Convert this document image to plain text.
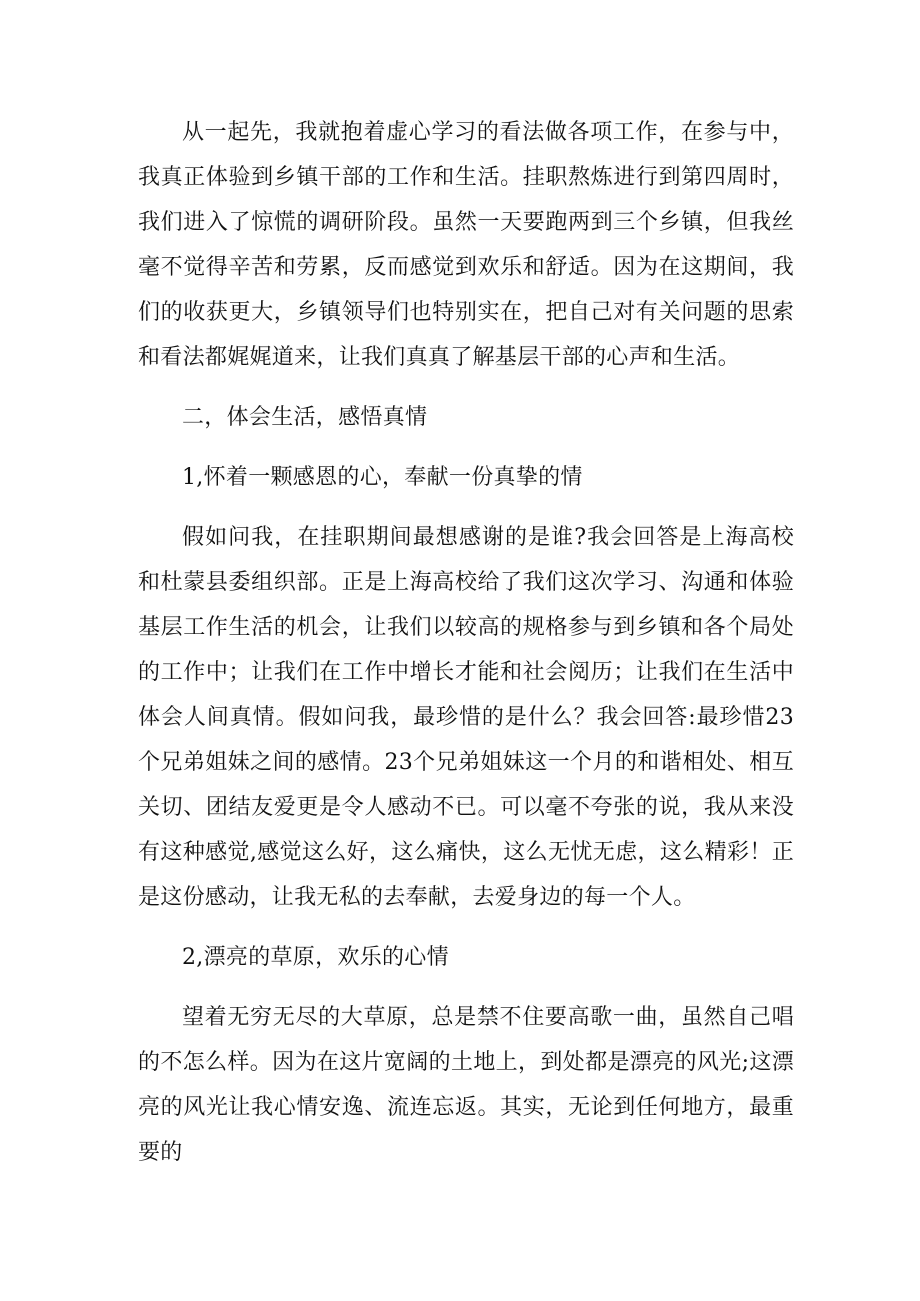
从一起先，我就抱着虚心学习的看法做各项工作，在参与中，我真正体验到乡镇干部的工作和生活。挂职熬炼进行到第四周时，我们进入了惊慌的调研阶段。虽然一天要跑两到三个乡镇，但我丝毫不觉得辛苦和劳累，反而感觉到欢乐和舒适。因为在这期间，我们的收获更大，乡镇领导们也特别实在，把自己对有关问题的思索和看法都娓娓道来，让我们真真了解基层干部的心声和生活。

二，体会生活，感悟真情

1,怀着一颗感恩的心，奉献一份真挚的情

假如问我，在挂职期间最想感谢的是谁?我会回答是上海高校和杜蒙县委组织部。正是上海高校给了我们这次学习、沟通和体验基层工作生活的机会，让我们以较高的规格参与到乡镇和各个局处的工作中；让我们在工作中增长才能和社会阅历；让我们在生活中体会人间真情。假如问我，最珍惜的是什么？我会回答:最珍惜23个兄弟姐妹之间的感情。23个兄弟姐妹这一个月的和谐相处、相互关切、团结友爱更是令人感动不已。可以毫不夸张的说，我从来没有这种感觉,感觉这么好，这么痛快，这么无忧无虑，这么精彩！正是这份感动，让我无私的去奉献，去爱身边的每一个人。

2,漂亮的草原，欢乐的心情

望着无穷无尽的大草原，总是禁不住要高歌一曲，虽然自己唱的不怎么样。因为在这片宽阔的土地上，到处都是漂亮的风光;这漂亮的风光让我心情安逸、流连忘返。其实，无论到任何地方，最重要的
